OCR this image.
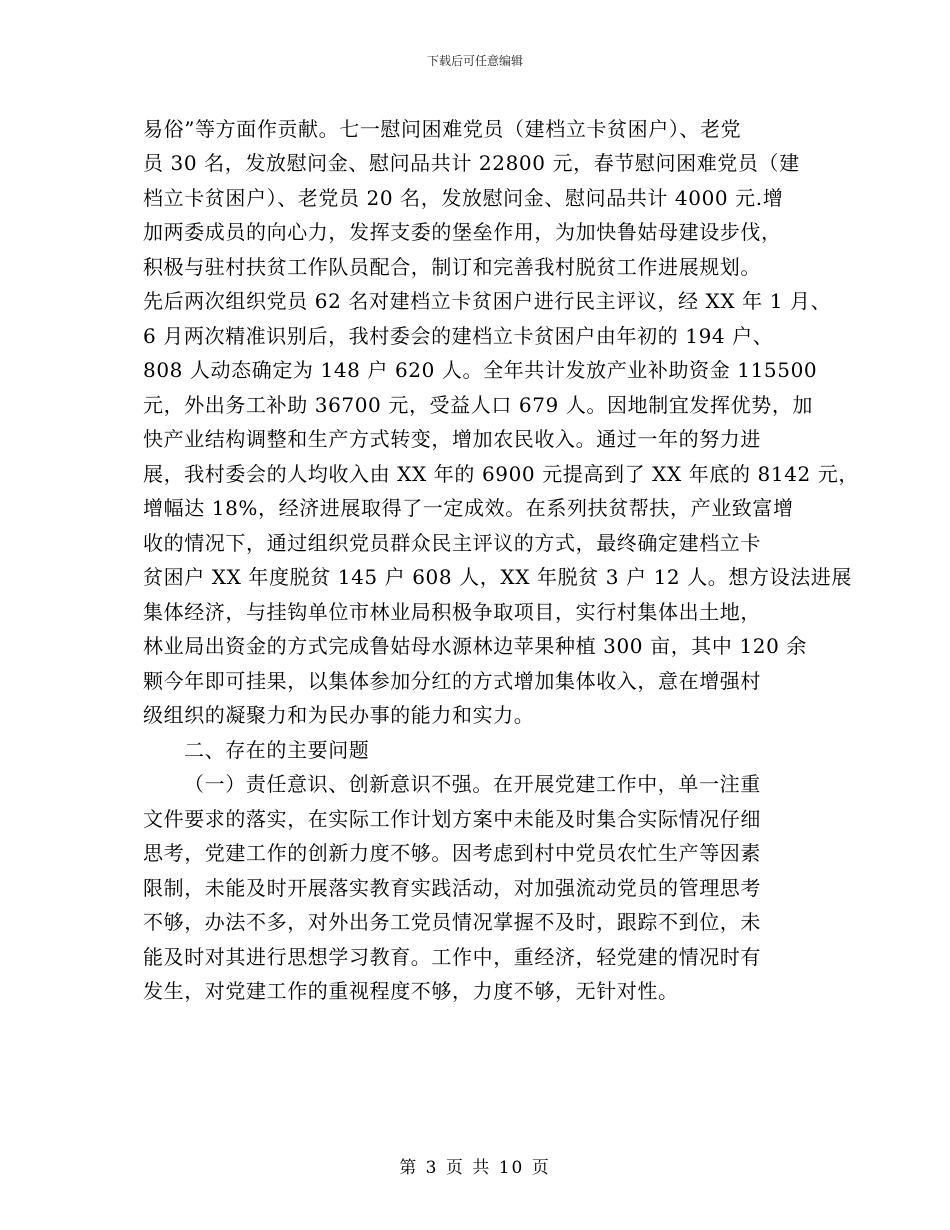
下载后可任意编辑
易俗”等方面作贡献。七一慰问困难党员（建档立卡贫困户）、老党
员 30 名，发放慰问金、慰问品共计 22800 元，春节慰问困难党员（建
档立卡贫困户）、老党员 20 名，发放慰问金、慰问品共计 4000 元.增
加两委成员的向心力，发挥支委的堡垒作用，为加快鲁姑母建设步伐，
积极与驻村扶贫工作队员配合，制订和完善我村脱贫工作进展规划。
先后两次组织党员 62 名对建档立卡贫困户进行民主评议，经 XX 年 1 月、
6 月两次精准识别后，我村委会的建档立卡贫困户由年初的 194 户、
808 人动态确定为 148 户 620 人。全年共计发放产业补助资金 115500
元，外出务工补助 36700 元，受益人口 679 人。因地制宜发挥优势，加
快产业结构调整和生产方式转变，增加农民收入。通过一年的努力进
展，我村委会的人均收入由 XX 年的 6900 元提高到了 XX 年底的 8142 元，
增幅达 18%，经济进展取得了一定成效。在系列扶贫帮扶，产业致富增
收的情况下，通过组织党员群众民主评议的方式，最终确定建档立卡
贫困户 XX 年度脱贫 145 户 608 人，XX 年脱贫 3 户 12 人。想方设法进展
集体经济，与挂钩单位市林业局积极争取项目，实行村集体出土地，
林业局出资金的方式完成鲁姑母水源林边苹果种植 300 亩，其中 120 余
颗今年即可挂果，以集体参加分红的方式增加集体收入，意在增强村
级组织的凝聚力和为民办事的能力和实力。
二、存在的主要问题
（一）责任意识、创新意识不强。在开展党建工作中，单一注重
文件要求的落实，在实际工作计划方案中未能及时集合实际情况仔细
思考，党建工作的创新力度不够。因考虑到村中党员农忙生产等因素
限制，未能及时开展落实教育实践活动，对加强流动党员的管理思考
不够，办法不多，对外出务工党员情况掌握不及时，跟踪不到位，未
能及时对其进行思想学习教育。工作中，重经济，轻党建的情况时有
发生，对党建工作的重视程度不够，力度不够，无针对性。
第 3 页 共 10 页
